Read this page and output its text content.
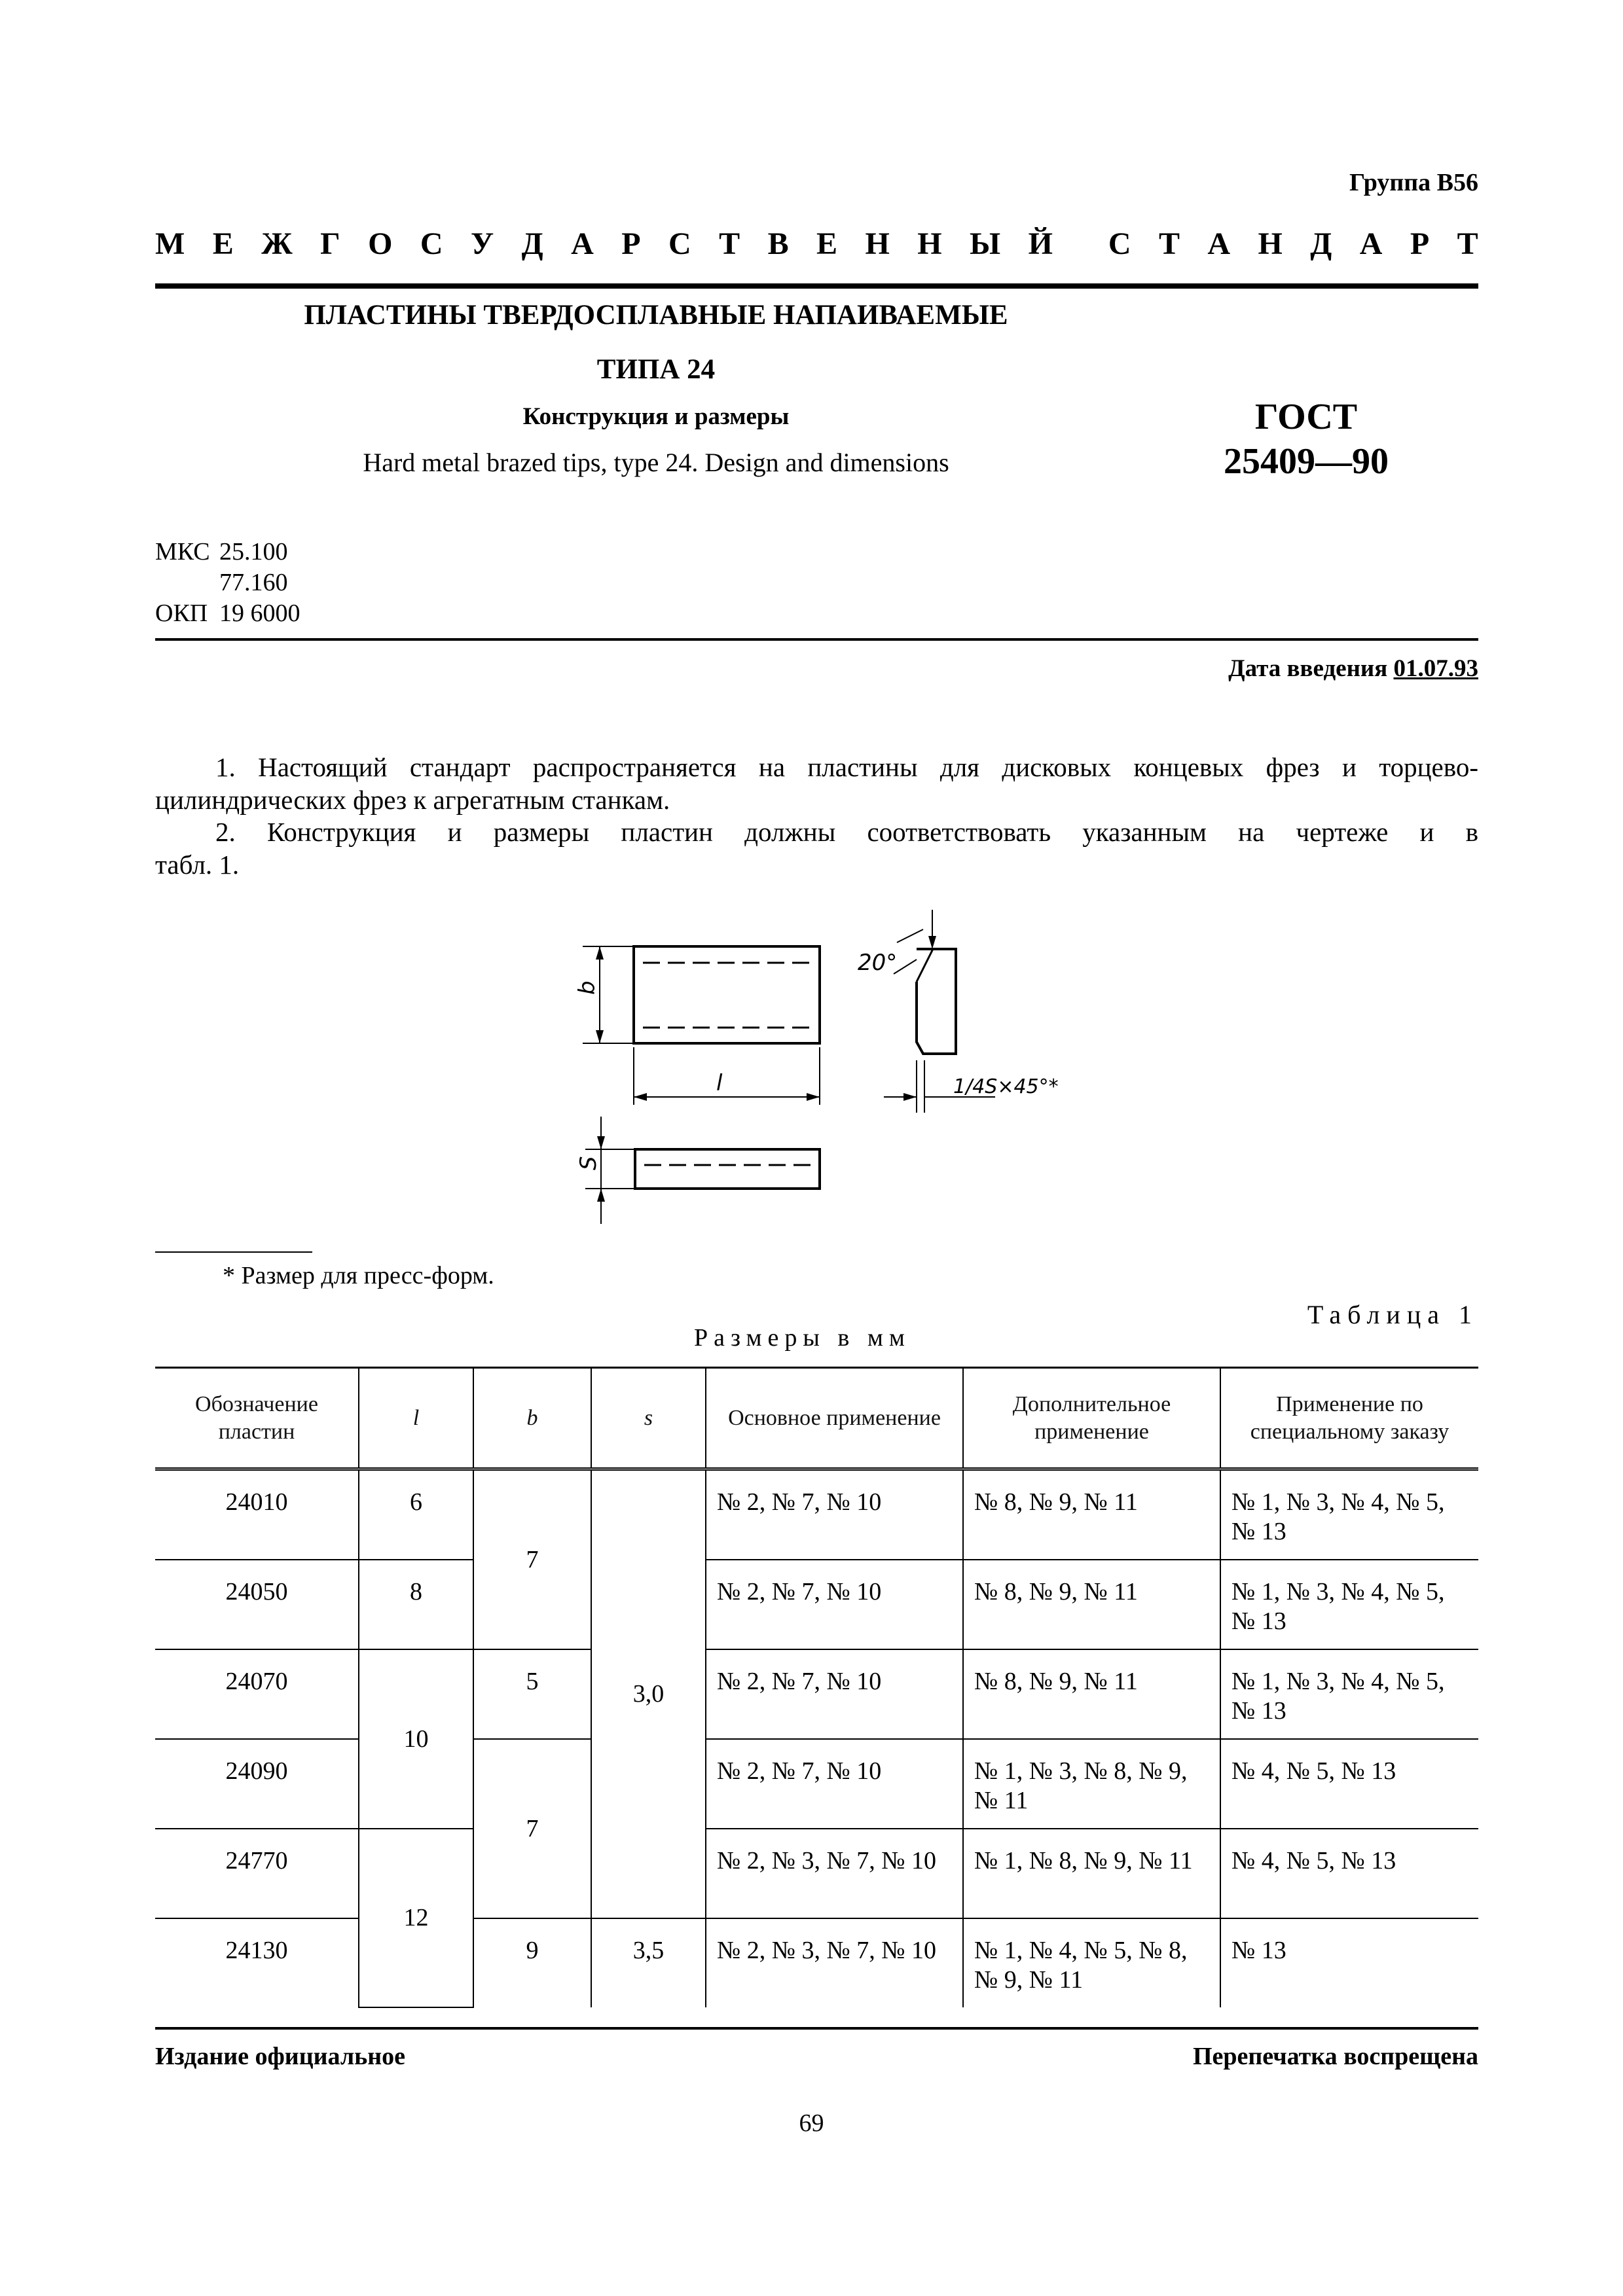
Группа В56
М Е Ж Г О С У Д А Р С Т В Е Н Н Ы Й С Т А Н Д А Р Т
ПЛАСТИНЫ ТВЕРДОСПЛАВНЫЕ НАПАИВАЕМЫЕ
ТИПА 24
Конструкция и размеры
Hard metal brazed tips, type 24. Design and dimensions
ГОСТ
25409—90
МКС 25.100
77.160
ОКП 19 6000
Дата введения 01.07.93
1. Настоящий стандарт распространяется на пластины для дисковых концевых фрез и торцево-цилиндрических фрез к агрегатным станкам.
2. Конструкция и размеры пластин должны соответствовать указанным на чертеже и в
табл. 1.
b
l
20°
1/4S×45°*
S
* Размер для пресс-форм.
Таблица 1
Размеры в мм
Обозначение пластин	l	b	s	Основное применение	Дополнительное применение	Применение по специальному заказу
24010	6	7	3,0	№ 2, № 7, № 10	№ 8, № 9, № 11	№ 1, № 3, № 4, № 5, № 13
24050	8			№ 2, № 7, № 10	№ 8, № 9, № 11	№ 1, № 3, № 4, № 5, № 13
24070	10	5		№ 2, № 7, № 10	№ 8, № 9, № 11	№ 1, № 3, № 4, № 5, № 13
24090		7		№ 2, № 7, № 10	№ 1, № 3, № 8, № 9, № 11	№ 4, № 5, № 13
24770	12			№ 2, № 3, № 7, № 10	№ 1, № 8, № 9, № 11	№ 4, № 5, № 13
24130		9	3,5	№ 2, № 3, № 7, № 10	№ 1, № 4, № 5, № 8, № 9, № 11	№ 13
Издание официальное	Перепечатка воспрещена
69
